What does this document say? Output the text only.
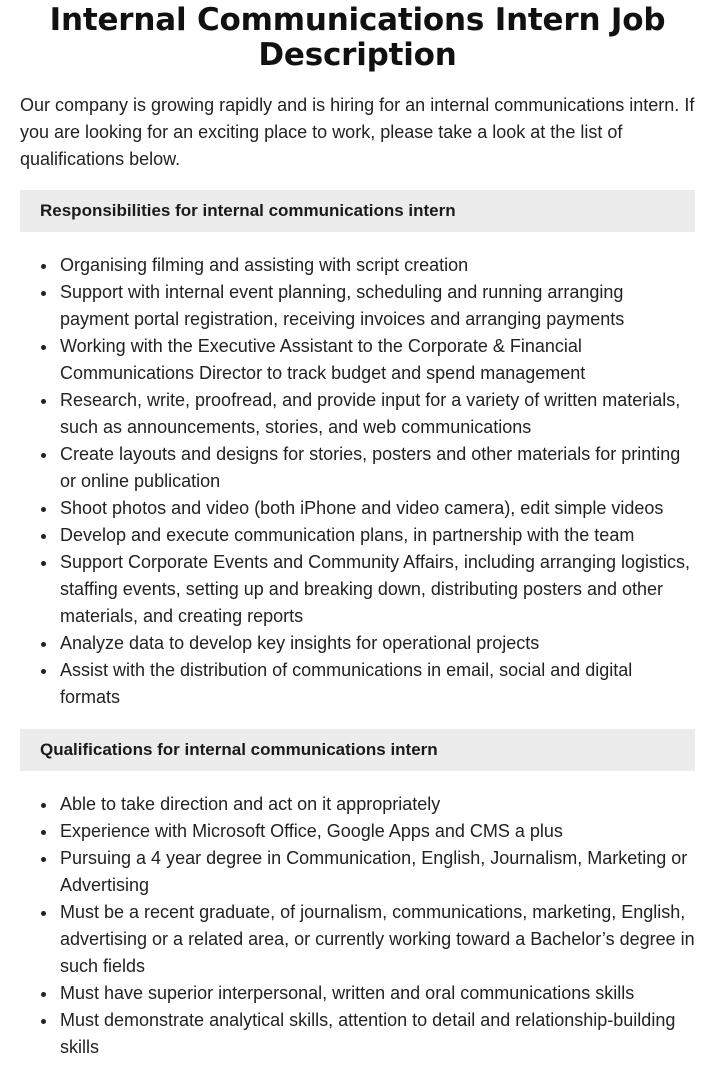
Internal Communications Intern Job Description

Our company is growing rapidly and is hiring for an internal communications intern. If you are looking for an exciting place to work, please take a look at the list of qualifications below.

Responsibilities for internal communications intern
Organising filming and assisting with script creation
Support with internal event planning, scheduling and running arranging payment portal registration, receiving invoices and arranging payments
Working with the Executive Assistant to the Corporate & Financial Communications Director to track budget and spend management
Research, write, proofread, and provide input for a variety of written materials, such as announcements, stories, and web communications
Create layouts and designs for stories, posters and other materials for printing or online publication
Shoot photos and video (both iPhone and video camera), edit simple videos
Develop and execute communication plans, in partnership with the team
Support Corporate Events and Community Affairs, including arranging logistics, staffing events, setting up and breaking down, distributing posters and other materials, and creating reports
Analyze data to develop key insights for operational projects
Assist with the distribution of communications in email, social and digital formats
Qualifications for internal communications intern
Able to take direction and act on it appropriately
Experience with Microsoft Office, Google Apps and CMS a plus
Pursuing a 4 year degree in Communication, English, Journalism, Marketing or Advertising
Must be a recent graduate, of journalism, communications, marketing, English, advertising or a related area, or currently working toward a Bachelor’s degree in such fields
Must have superior interpersonal, written and oral communications skills
Must demonstrate analytical skills, attention to detail and relationship-building skills
